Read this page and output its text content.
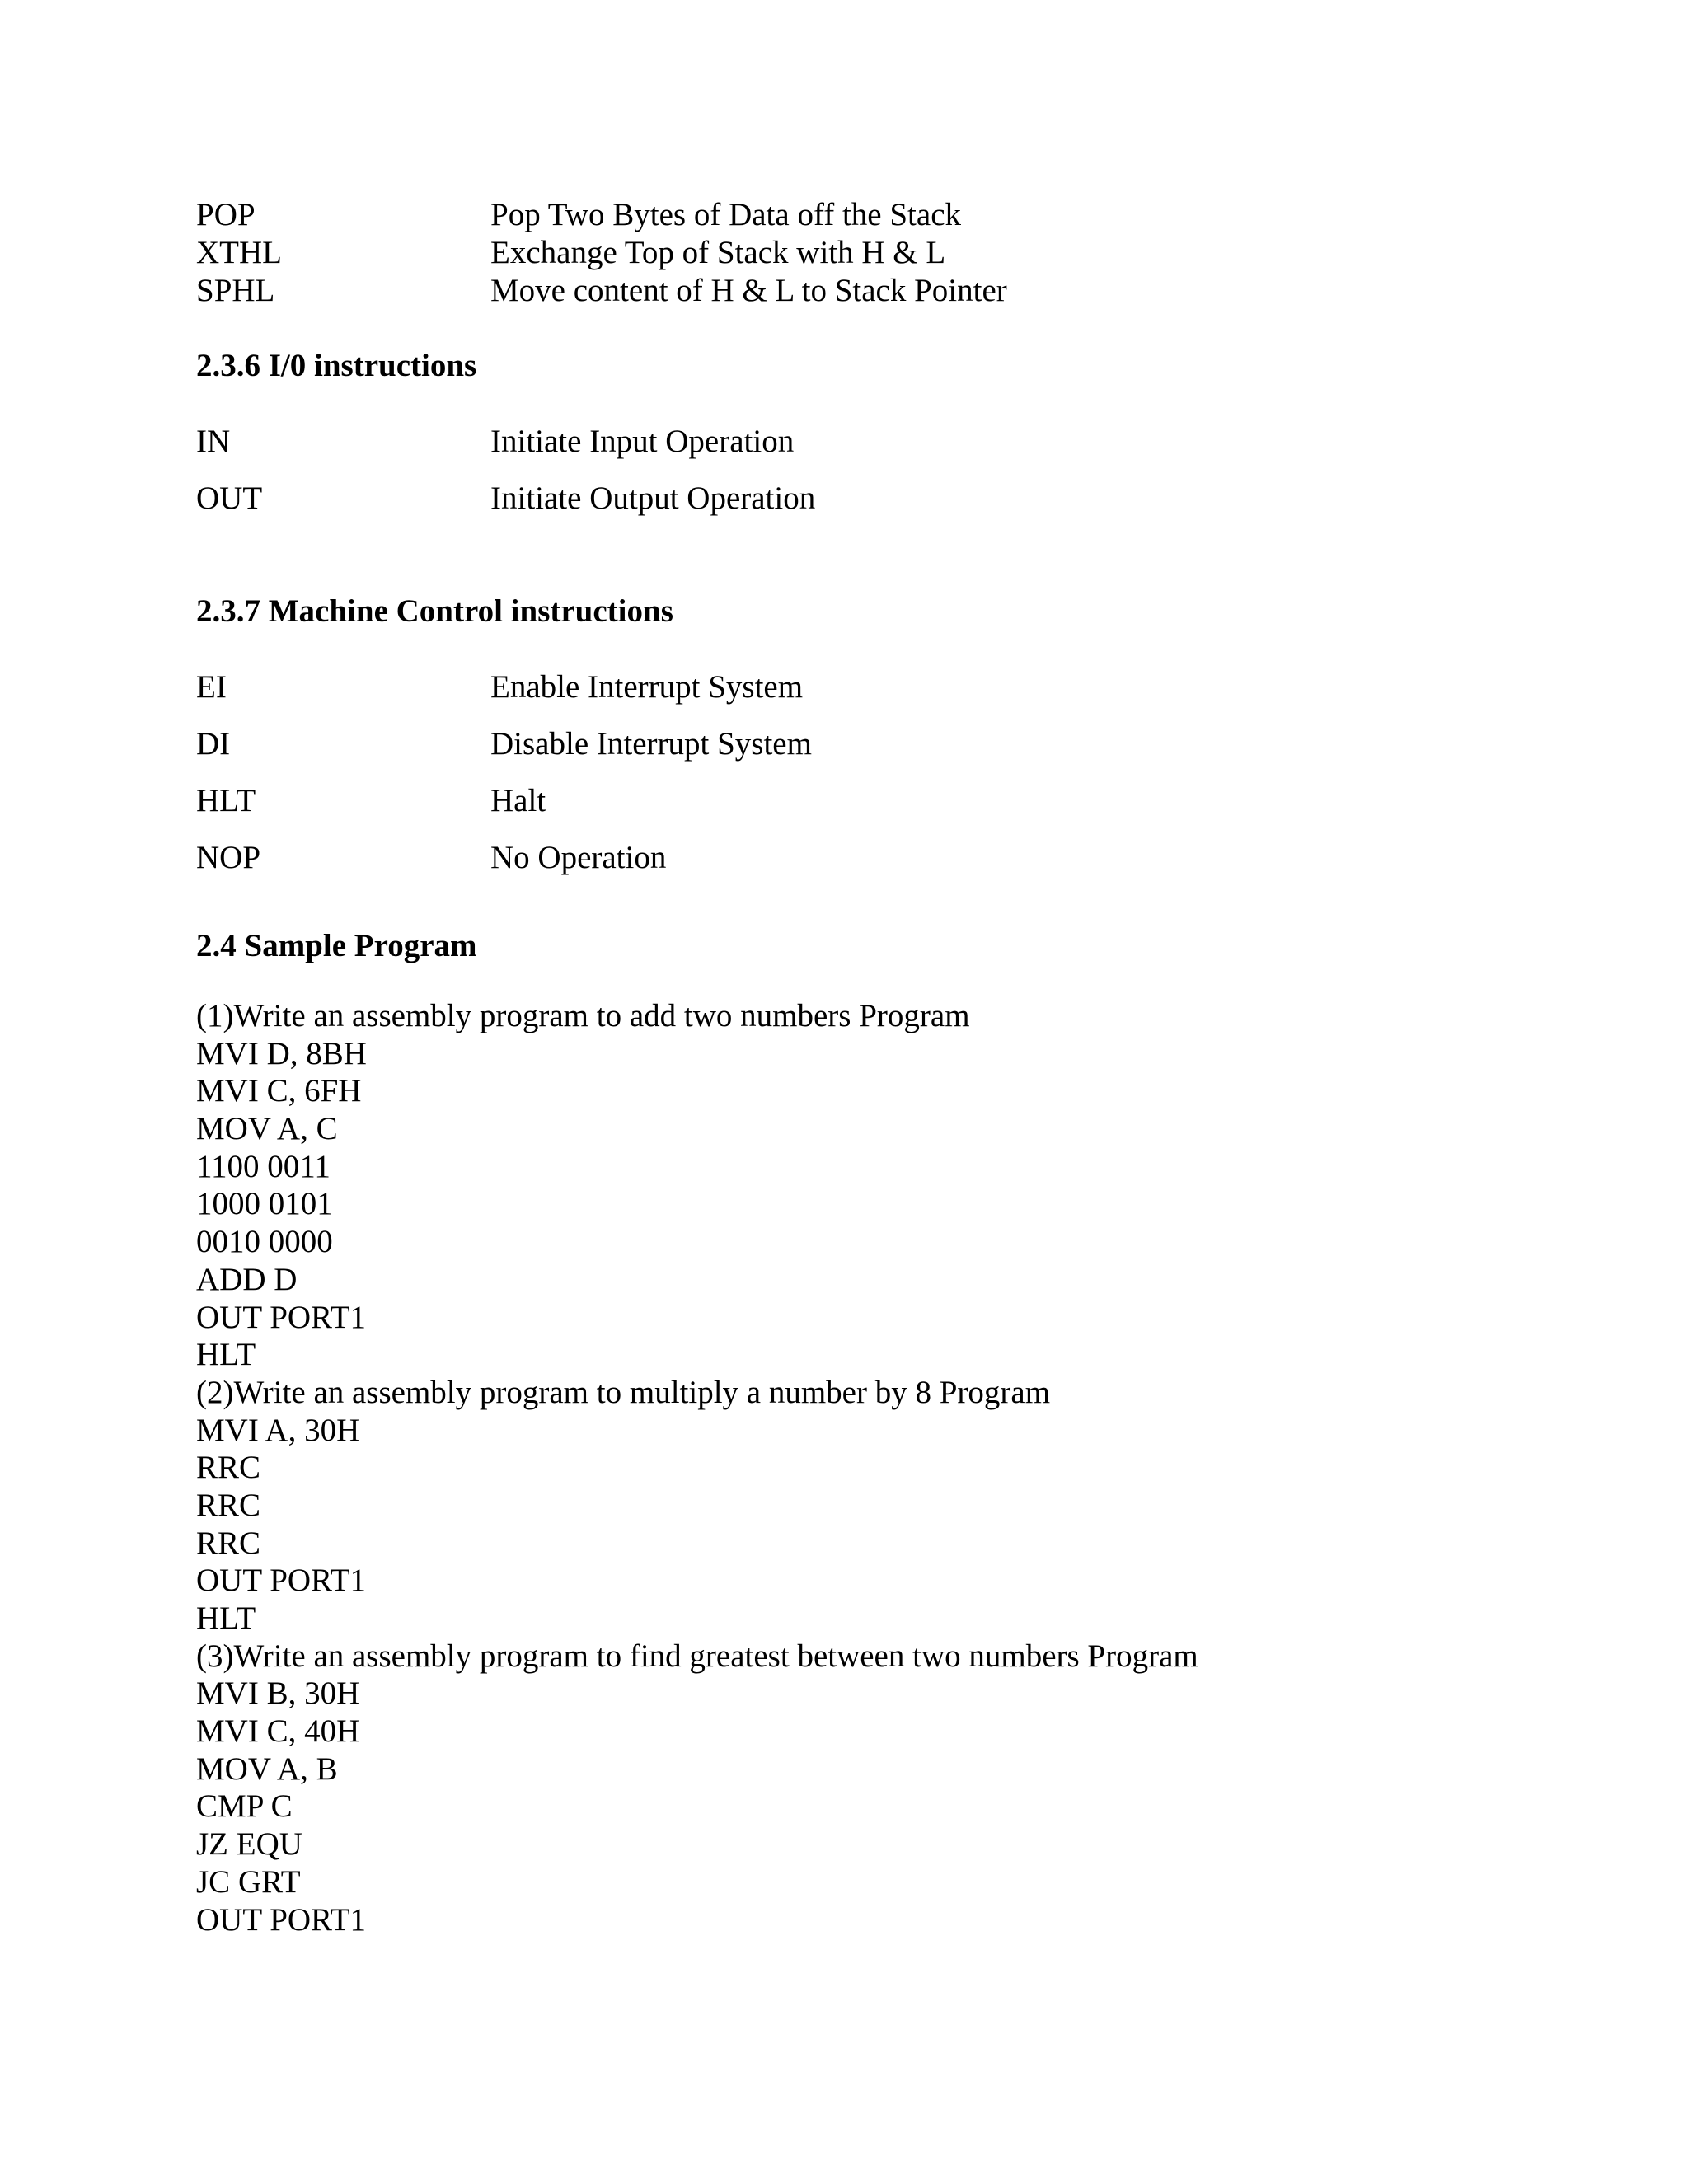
POP	Pop Two Bytes of Data off the Stack
XTHL	Exchange Top of Stack with H & L
SPHL	Move content of H & L to Stack Pointer
2.3.6 I/0 instructions
IN	Initiate Input Operation
OUT	Initiate Output Operation
2.3.7 Machine Control instructions
EI	Enable Interrupt System
DI	Disable Interrupt System
HLT	Halt
NOP	No Operation
2.4 Sample Program
(1)Write an assembly program to add two numbers Program
MVI D, 8BH
MVI C, 6FH
MOV A, C
1100 0011
1000 0101
0010 0000
ADD D
OUT PORT1
HLT
(2)Write an assembly program to multiply a number by 8 Program
MVI A, 30H
RRC
RRC
RRC
OUT PORT1
HLT
(3)Write an assembly program to find greatest between two numbers Program
MVI B, 30H
MVI C, 40H
MOV A, B
CMP C
JZ EQU
JC GRT
OUT PORT1
